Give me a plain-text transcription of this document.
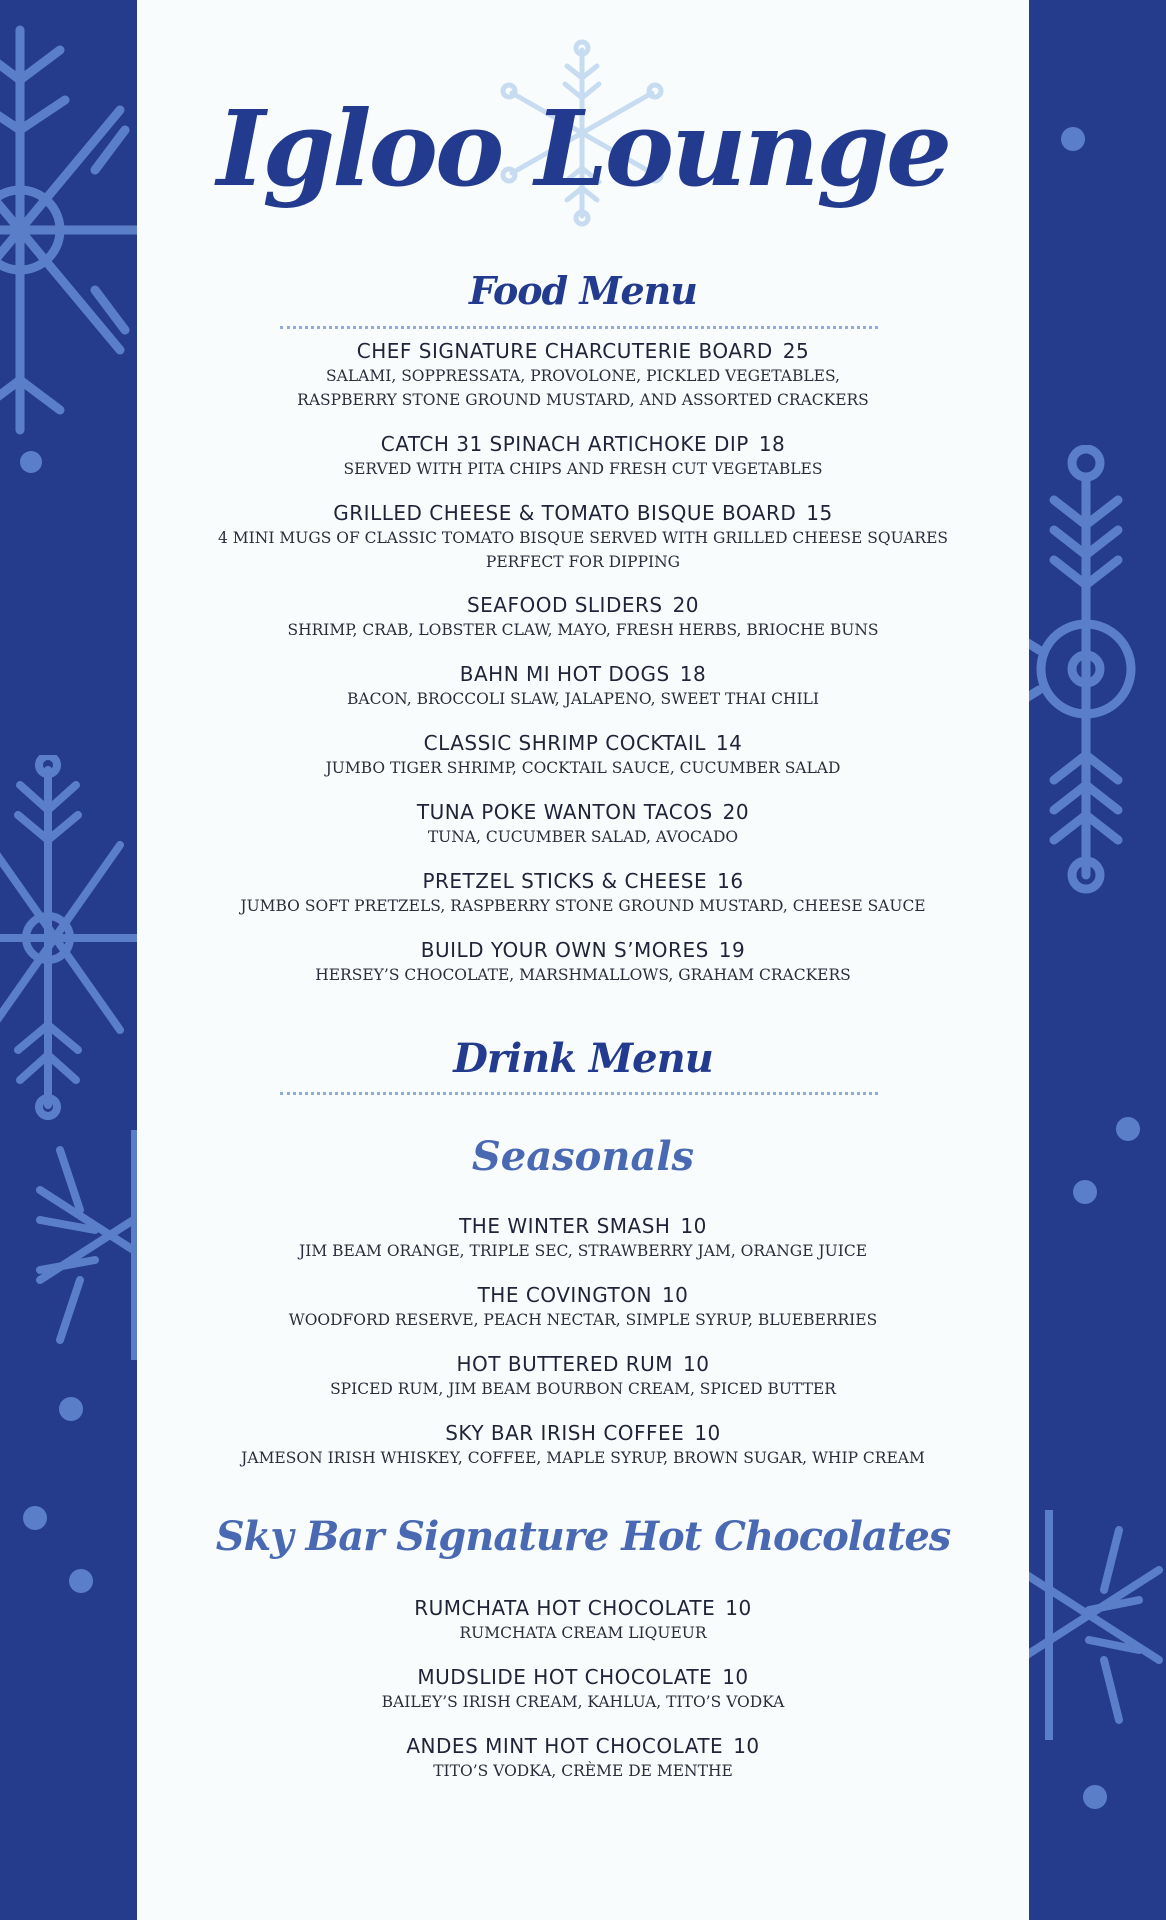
Igloo Lounge
Food Menu
CHEF SIGNATURE CHARCUTERIE BOARD 25
SALAMI, SOPPRESSATA, PROVOLONE, PICKLED VEGETABLES,
RASPBERRY STONE GROUND MUSTARD, AND ASSORTED CRACKERS
CATCH 31 SPINACH ARTICHOKE DIP 18
SERVED WITH PITA CHIPS AND FRESH CUT VEGETABLES
GRILLED CHEESE & TOMATO BISQUE BOARD 15
4 MINI MUGS OF CLASSIC TOMATO BISQUE SERVED WITH GRILLED CHEESE SQUARES
PERFECT FOR DIPPING
SEAFOOD SLIDERS 20
SHRIMP, CRAB, LOBSTER CLAW, MAYO, FRESH HERBS, BRIOCHE BUNS
BAHN MI HOT DOGS 18
BACON, BROCCOLI SLAW, JALAPENO, SWEET THAI CHILI
CLASSIC SHRIMP COCKTAIL 14
JUMBO TIGER SHRIMP, COCKTAIL SAUCE, CUCUMBER SALAD
TUNA POKE WANTON TACOS 20
TUNA, CUCUMBER SALAD, AVOCADO
PRETZEL STICKS & CHEESE 16
JUMBO SOFT PRETZELS, RASPBERRY STONE GROUND MUSTARD, CHEESE SAUCE
BUILD YOUR OWN S’MORES 19
HERSEY’S CHOCOLATE, MARSHMALLOWS, GRAHAM CRACKERS
Drink Menu
Seasonals
THE WINTER SMASH 10
JIM BEAM ORANGE, TRIPLE SEC, STRAWBERRY JAM, ORANGE JUICE
THE COVINGTON 10
WOODFORD RESERVE, PEACH NECTAR, SIMPLE SYRUP, BLUEBERRIES
HOT BUTTERED RUM 10
SPICED RUM, JIM BEAM BOURBON CREAM, SPICED BUTTER
SKY BAR IRISH COFFEE 10
JAMESON IRISH WHISKEY, COFFEE, MAPLE SYRUP, BROWN SUGAR, WHIP CREAM
Sky Bar Signature Hot Chocolates
RUMCHATA HOT CHOCOLATE 10
RUMCHATA CREAM LIQUEUR
MUDSLIDE HOT CHOCOLATE 10
BAILEY’S IRISH CREAM, KAHLUA, TITO’S VODKA
ANDES MINT HOT CHOCOLATE 10
TITO’S VODKA, CRÈME DE MENTHE
